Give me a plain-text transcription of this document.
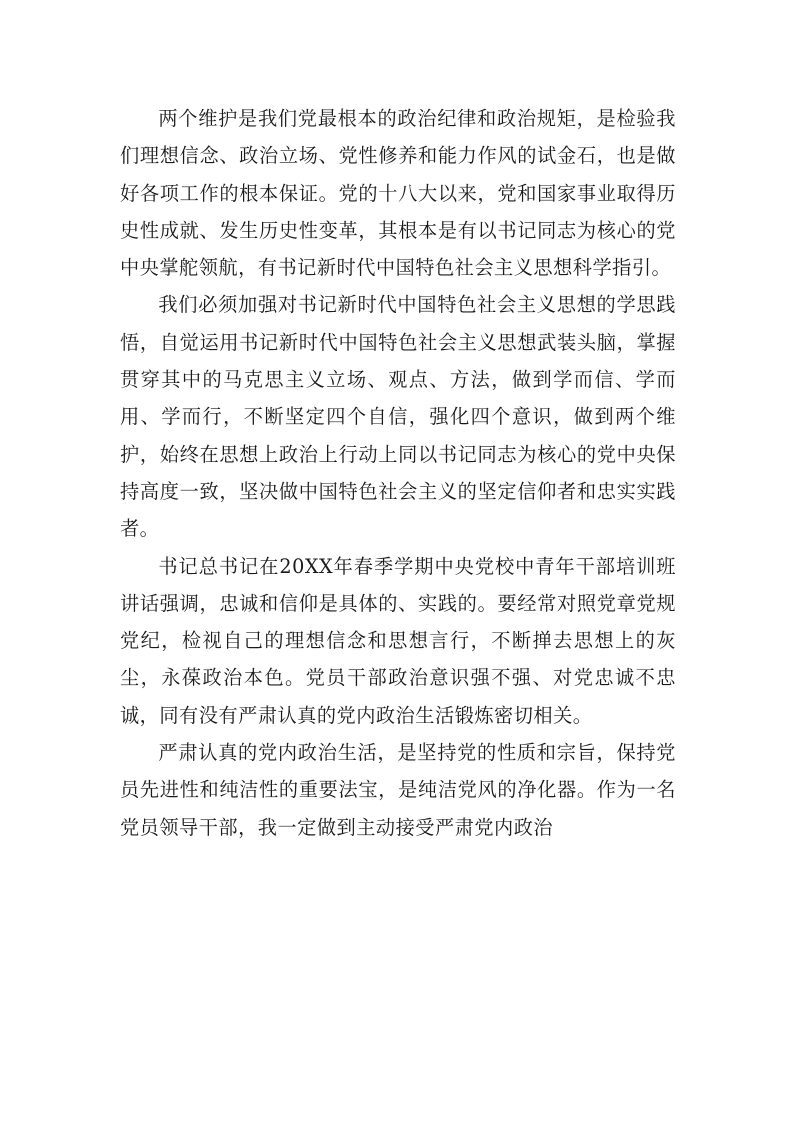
两个维护是我们党最根本的政治纪律和政治规矩，是检验我们理想信念、政治立场、党性修养和能力作风的试金石，也是做好各项工作的根本保证。党的十八大以来，党和国家事业取得历史性成就、发生历史性变革，其根本是有以书记同志为核心的党中央掌舵领航，有书记新时代中国特色社会主义思想科学指引。

我们必须加强对书记新时代中国特色社会主义思想的学思践悟，自觉运用书记新时代中国特色社会主义思想武装头脑，掌握贯穿其中的马克思主义立场、观点、方法，做到学而信、学而用、学而行，不断坚定四个自信，强化四个意识，做到两个维护，始终在思想上政治上行动上同以书记同志为核心的党中央保持高度一致，坚决做中国特色社会主义的坚定信仰者和忠实实践者。

书记总书记在20XX年春季学期中央党校中青年干部培训班讲话强调，忠诚和信仰是具体的、实践的。要经常对照党章党规党纪，检视自己的理想信念和思想言行，不断掸去思想上的灰尘，永葆政治本色。党员干部政治意识强不强、对党忠诚不忠诚，同有没有严肃认真的党内政治生活锻炼密切相关。

严肃认真的党内政治生活，是坚持党的性质和宗旨，保持党员先进性和纯洁性的重要法宝，是纯洁党风的净化器。作为一名党员领导干部，我一定做到主动接受严肃党内政治
